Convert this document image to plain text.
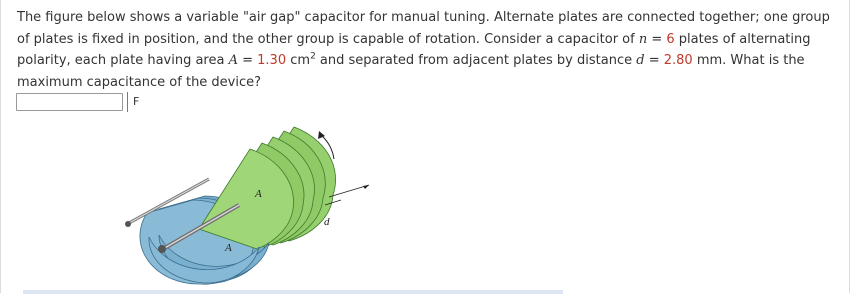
The figure below shows a variable "air gap" capacitor for manual tuning. Alternate plates are connected together; one group of plates is fixed in position, and the other group is capable of rotation. Consider a capacitor of n = 6 plates of alternating polarity, each plate having area A = 1.30 $cm^2$ and separated from adjacent plates by distance d = 2.80 mm. What is the maximum capacitance of the device?
F
A
A
d
